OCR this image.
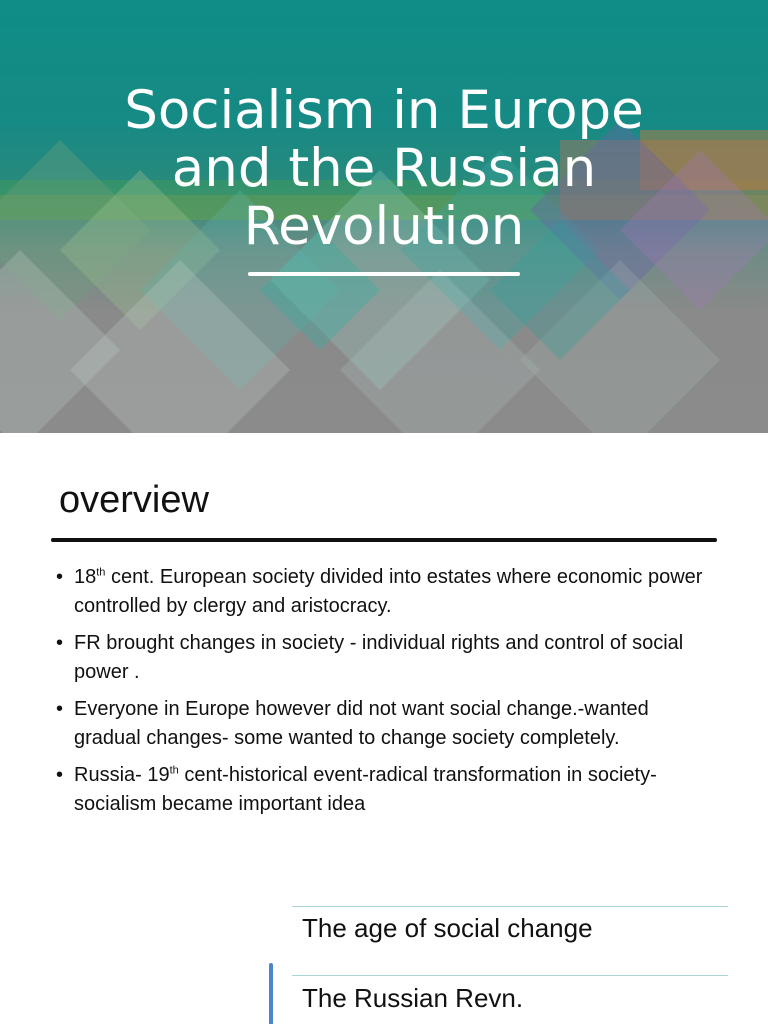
Socialism in Europe
and the Russian
Revolution
overview
• 18th cent. European society divided into estates where economic power controlled by clergy and aristocracy.
• FR brought changes in society - individual rights and control of social power .
• Everyone in Europe however did not want social change.-wanted gradual changes- some wanted to change society completely.
• Russia- 19th cent-historical event-radical transformation in society- socialism became important idea
The age of social change
The Russian Revn.
